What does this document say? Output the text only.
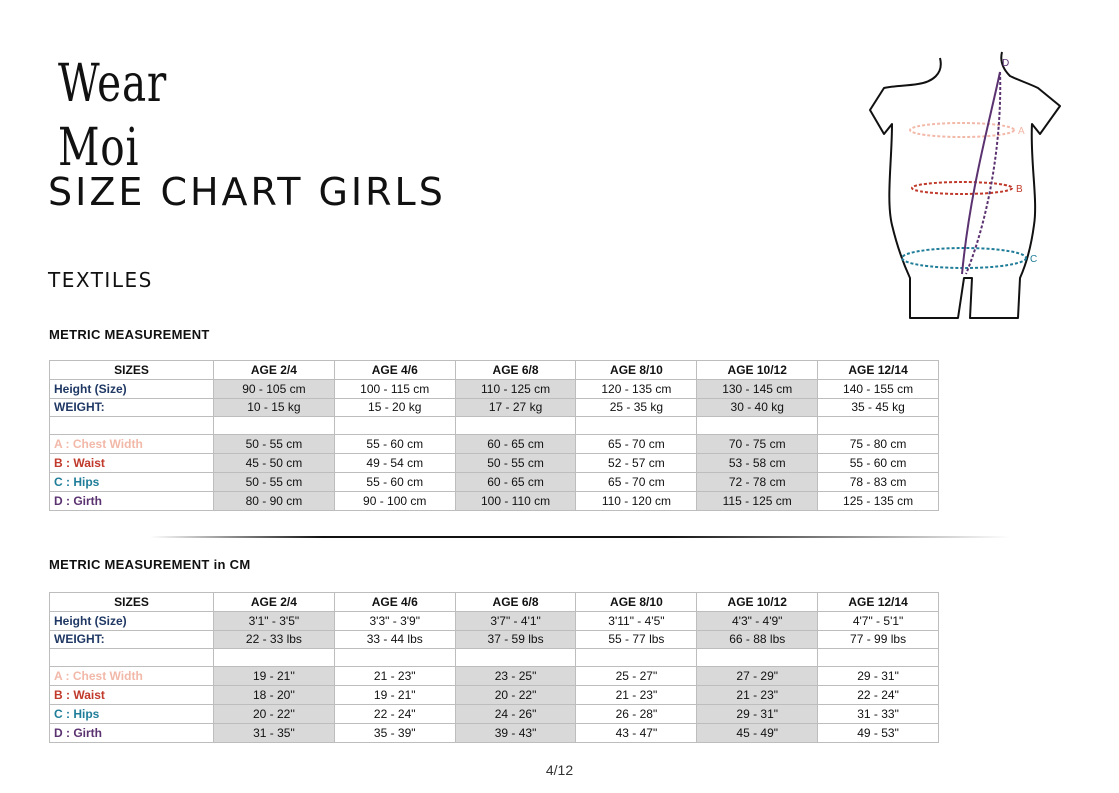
Wear Moi
SIZE CHART GIRLS
TEXTILES
A
B
C
D
METRIC MEASUREMENT
SIZES	AGE 2/4	AGE 4/6	AGE 6/8	AGE 8/10	AGE 10/12	AGE 12/14
Height (Size)	90 - 105 cm	100 - 115 cm	110 - 125 cm	120 - 135 cm	130 - 145 cm	140 - 155 cm
WEIGHT:	10 - 15 kg	15 - 20 kg	17 - 27 kg	25 - 35 kg	30 - 40 kg	35 - 45 kg

A : Chest Width	50 - 55 cm	55 - 60 cm	60 - 65 cm	65 - 70 cm	70 - 75 cm	75 - 80 cm
B : Waist	45 - 50 cm	49 - 54 cm	50 - 55 cm	52 - 57 cm	53 - 58 cm	55 - 60 cm
C : Hips	50 - 55 cm	55 - 60 cm	60 - 65 cm	65 - 70 cm	72 - 78 cm	78 - 83 cm
D : Girth	80 - 90 cm	90 - 100 cm	100 - 110 cm	110 - 120 cm	115 - 125 cm	125 - 135 cm
METRIC MEASUREMENT in CM
SIZES	AGE 2/4	AGE 4/6	AGE 6/8	AGE 8/10	AGE 10/12	AGE 12/14
Height (Size)	3'1" - 3'5"	3'3" - 3'9"	3'7" - 4'1"	3'11" - 4'5"	4'3" - 4'9"	4'7" - 5'1"
WEIGHT:	22 - 33 lbs	33 - 44 lbs	37 - 59 lbs	55 - 77 lbs	66 - 88 lbs	77 - 99 lbs

A : Chest Width	19 - 21''	21 - 23"	23 - 25"	25 - 27"	27 - 29"	29 - 31"
B : Waist	18 - 20''	19 - 21"	20 - 22"	21 - 23"	21 - 23"	22 - 24"
C : Hips	20 - 22''	22 - 24"	24 - 26"	26 - 28"	29 - 31"	31 - 33"
D : Girth	31 - 35"	35 - 39"	39 - 43"	43 - 47"	45 - 49"	49 - 53"
4/12
